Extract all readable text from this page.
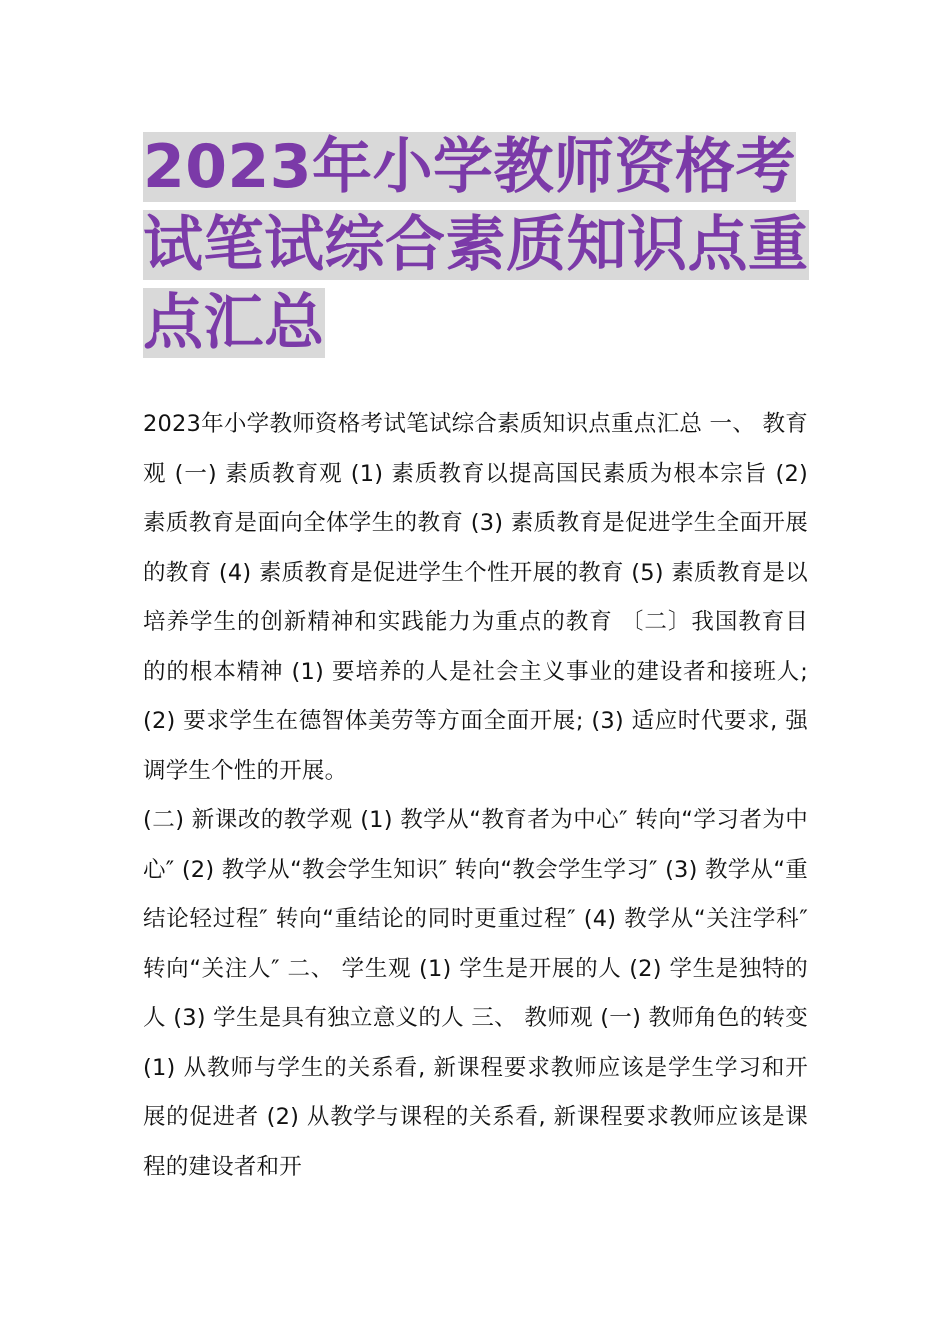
2023年小学教师资格考试笔试综合素质知识点重点汇总

2023年小学教师资格考试笔试综合素质知识点重点汇总 一、 教育观 (一) 素质教育观 (1) 素质教育以提高国民素质为根本宗旨 (2) 素质教育是面向全体学生的教育 (3) 素质教育是促进学生全面开展的教育 (4) 素质教育是促进学生个性开展的教育 (5) 素质教育是以培养学生的创新精神和实践能力为重点的教育 〔二〕我国教育目的的根本精神 (1) 要培养的人是社会主义事业的建设者和接班人; (2) 要求学生在德智体美劳等方面全面开展; (3) 适应时代要求, 强调学生个性的开展。

(二) 新课改的教学观 (1) 教学从“教育者为中心″ 转向“学习者为中心″ (2) 教学从“教会学生知识″ 转向“教会学生学习″ (3) 教学从“重结论轻过程″ 转向“重结论的同时更重过程″ (4) 教学从“关注学科″ 转向“关注人″ 二、 学生观 (1) 学生是开展的人 (2) 学生是独特的人 (3) 学生是具有独立意义的人 三、 教师观 (一) 教师角色的转变 (1) 从教师与学生的关系看, 新课程要求教师应该是学生学习和开展的促进者 (2) 从教学与课程的关系看, 新课程要求教师应该是课程的建设者和开
